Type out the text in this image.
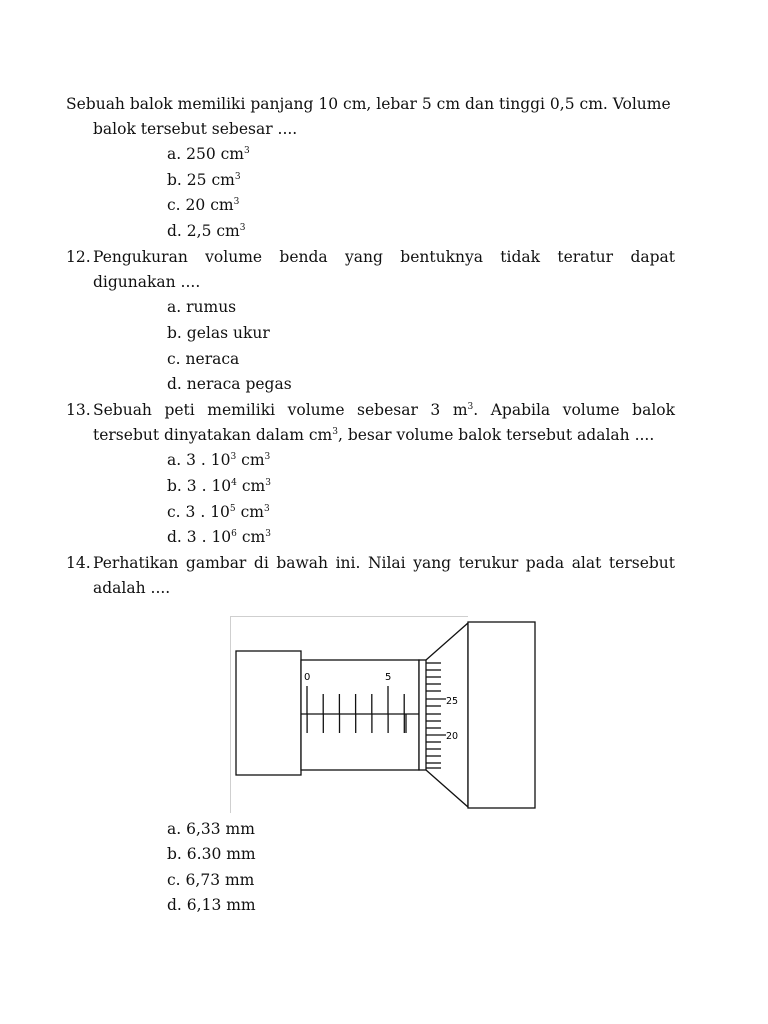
Sebuah balok memiliki panjang 10 cm, lebar 5 cm dan tinggi 0,5 cm. Volume
balok tersebut sebesar ....
a. 250 $cm^3$
b. 25 $cm^3$
c. 20 $cm^3$
d. 2,5 $cm^3$
12. Pengukuran volume benda yang bentuknya tidak teratur dapat
digunakan ....
a. rumus
b. gelas ukur
c. neraca
d. neraca pegas
13. Sebuah peti memiliki volume sebesar 3 $m^3$. Apabila volume balok
tersebut dinyatakan dalam $cm^3$, besar volume balok tersebut adalah ....
a. 3 . $10^3$ $cm^3$
b. 3 . $10^4$ $cm^3$
c. 3 . $10^5$ $cm^3$
d. 3 . $10^6$ $cm^3$
14. Perhatikan gambar di bawah ini. Nilai yang terukur pada alat tersebut
adalah ....
0	5
25
20
a. 6,33 mm
b. 6.30 mm
c. 6,73 mm
d. 6,13 mm
